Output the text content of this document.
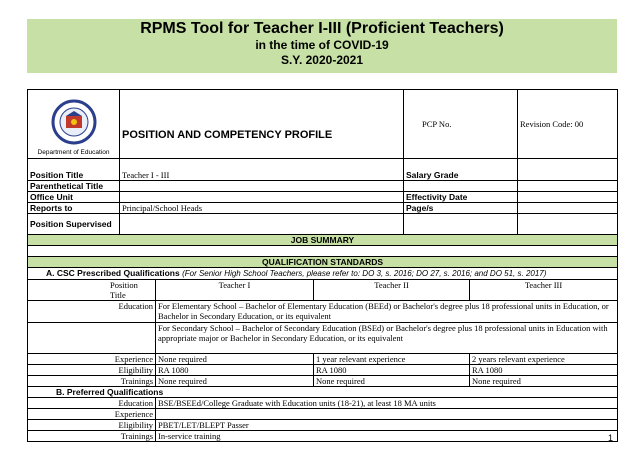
RPMS Tool for Teacher I-III (Proficient Teachers)
in the time of COVID-19
S.Y. 2020-2021
Department of Education	POSITION AND COMPETENCY PROFILE			PCP No.		Revision Code: 00
Position Title	Teacher I - III			Salary Grade		
Parenthetical Title						
Office Unit				Effectivity Date		
Reports to	Principal/School Heads			Page/s		
Position Supervised						
JOB SUMMARY						

QUALIFICATION STANDARDS						
A. CSC Prescribed Qualifications (For Senior High School Teachers, please refer to: DO 3, s. 2016; DO 27, s. 2016; and DO 51, s. 2017)						
Position Title		Teacher I	Teacher II		Teacher III	
Education		For Elementary School – Bachelor of Elementary Education (BEEd) or Bachelor's degree plus 18 professional units in Education, or Bachelor in Secondary Education, or its equivalent				
		For Secondary School – Bachelor of Secondary Education (BSEd) or Bachelor's degree plus 18 professional units in Education with appropriate major or Bachelor in Secondary Education, or its equivalent				
Experience		None required	1 year relevant experience		2 years relevant experience	
Eligibility		RA 1080	RA 1080		RA 1080	
Trainings		None required	None required		None required	
B. Preferred Qualifications						
Education		BSE/BSEEd/College Graduate with Education units (18-21), at least 18 MA units				
Experience						
Eligibility		PBET/LET/BLEPT Passer				
Trainings		In-service training					1
